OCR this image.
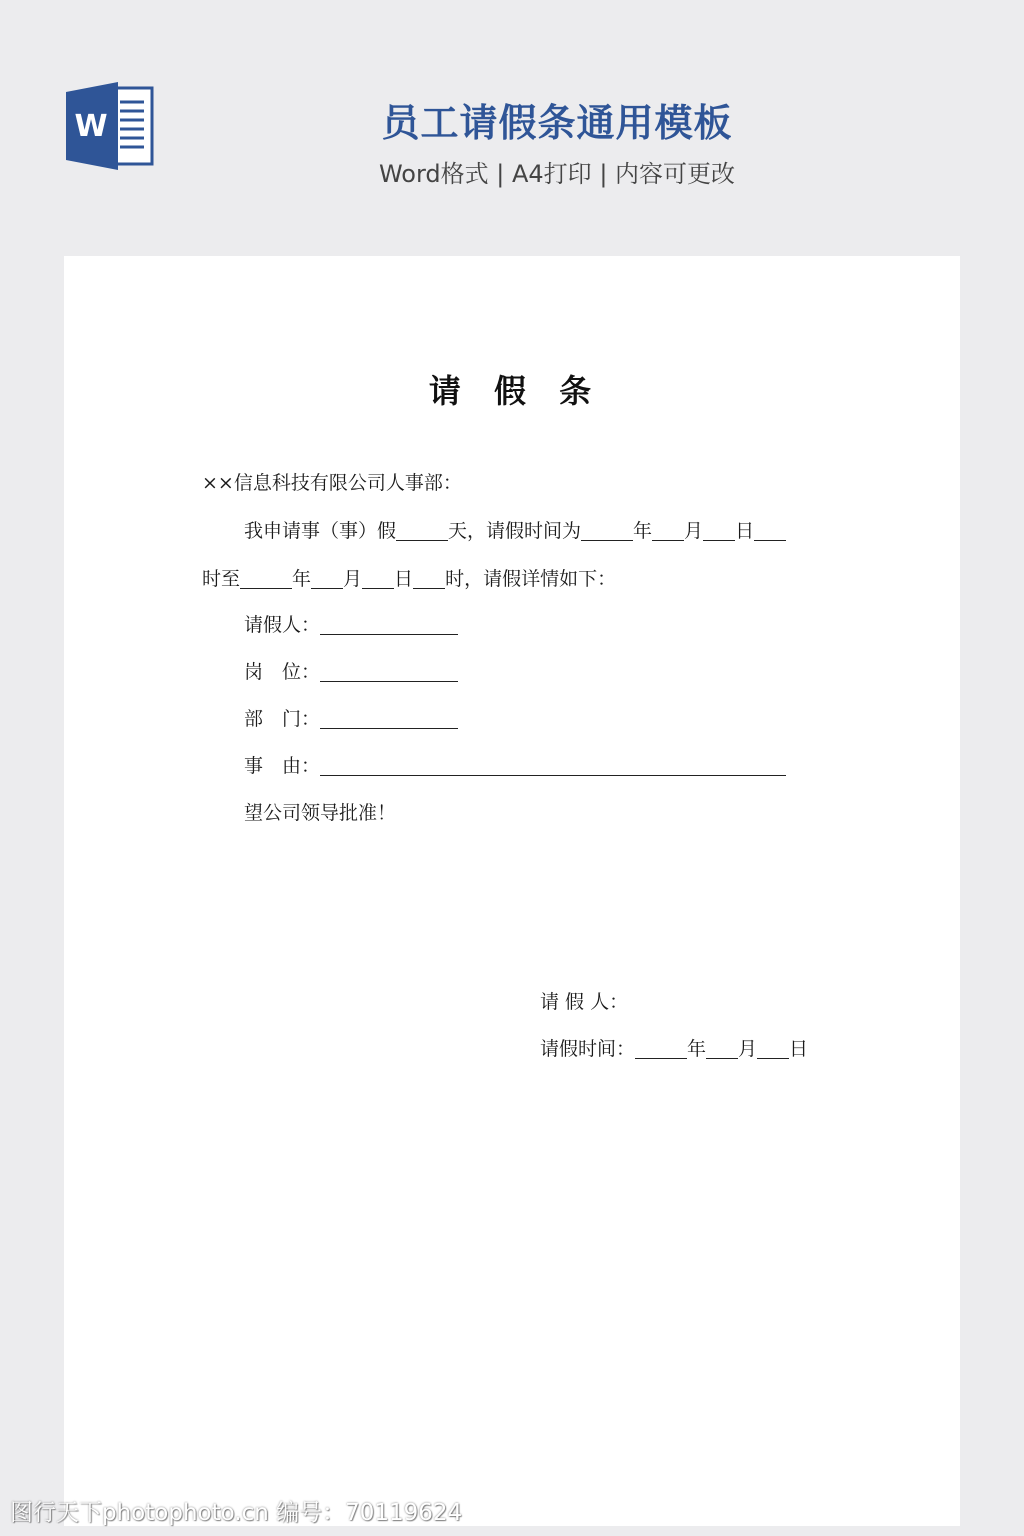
W	员工请假条通用模板
Word格式 | A4打印 | 内容可更改
请 假 条
××信息科技有限公司人事部：
我申请事（事）假	天，请假时间为	年 月 日
时至	年 月 日 时，请假详情如下：
请假人：
岗　位：
部　门：
事　由：
望公司领导批准！
请 假 人：
请假时间：	年 月 日
图行天下photophoto.cn 编号：70119624
